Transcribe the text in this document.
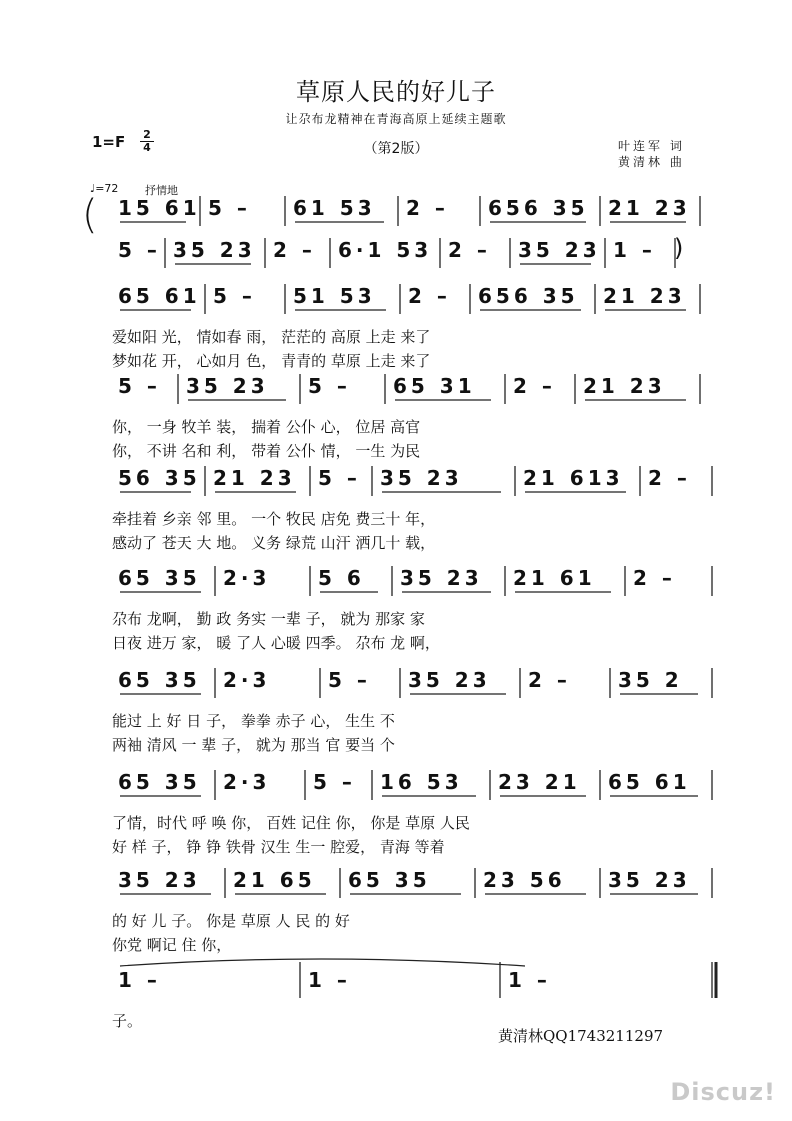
草原人民的好儿子
让尕布龙精神在青海高原上延续主题歌
1=F 2
4	（第2版）	叶连军 词
黄清林 曲
♩=72 抒情地
(
)
15 61 5 – 61 53 2 – 656 35 21 23
5 – 35 23 2 – 6·1 53 2 – 35 23 1 –
65 61 5 – 51 53 2 – 656 35 21 23
爱如阳 光， 情如春 雨， 茫茫的 高原 上走 来了
梦如花 开， 心如月 色， 青青的 草原 上走 来了
5 – 35 23 5 – 65 31 2 – 21 23
你， 一身 牧羊 装， 揣着 公仆 心， 位居 高官
你， 不讲 名和 利， 带着 公仆 情， 一生 为民
56 35 21 23 5 – 35 23	21 613 2 –
牵挂着 乡亲 邻 里。 一个 牧民 店免 费三十 年，
感动了 苍天 大 地。 义务 绿荒 山汗 洒几十 载，
65 35 2·3 5 6 35 23 21 61 2 –
尕布 龙啊， 勤 政 务实 一辈 子， 就为 那家 家
日夜 进万 家， 暖 了人 心暖 四季。 尕布 龙 啊，
65 35 2·3	5 – 35 23 2 – 35 2
能过 上 好 日 子， 拳拳 赤子 心， 生生 不
两袖 清风 一 辈 子， 就为 那当 官 要当 个
65 35 2·3 5 – 16 53 23 21 65 61
了情，时代 呼 唤 你， 百姓 记住 你， 你是 草原 人民
好 样 子， 铮 铮 铁骨 汉生 生一 腔爱， 青海 等着
35 23 21 65 65 35	23 56 35 23
的 好 儿 子。 你是 草原 人 民 的 好
你党 啊记 住 你，
1 –	1 –	1 –
子。
黄清林QQ1743211297
Discuz!
